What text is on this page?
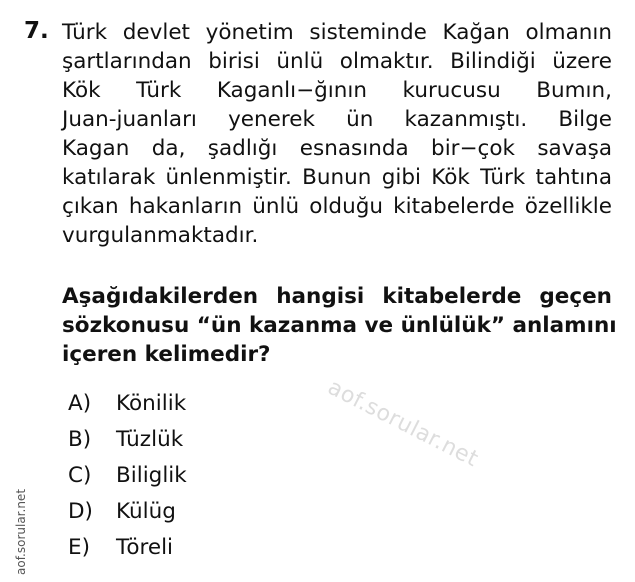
7. Türk devlet yönetim sisteminde Kağan olmanın
şartlarından birisi ünlü olmaktır. Bilindiği üzere
Kök Türk Kaganlı−ğının kurucusu Bumın,
Juan-juanları yenerek ün kazanmıştı. Bilge
Kagan da, şadlığı esnasında bir−çok savaşa
katılarak ünlenmiştir. Bunun gibi Kök Türk tahtına
çıkan hakanların ünlü olduğu kitabelerde özellikle
vurgulanmaktadır.
Aşağıdakilerden hangisi kitabelerde geçen
sözkonusu “ün kazanma ve ünlülük” anlamını
içeren kelimedir?
aof.sorular.net
A)	Könilik
B)	Tüzlük
C)	Biliglik
D)	Külüg
E)	Töreli
aof.sorular.net
